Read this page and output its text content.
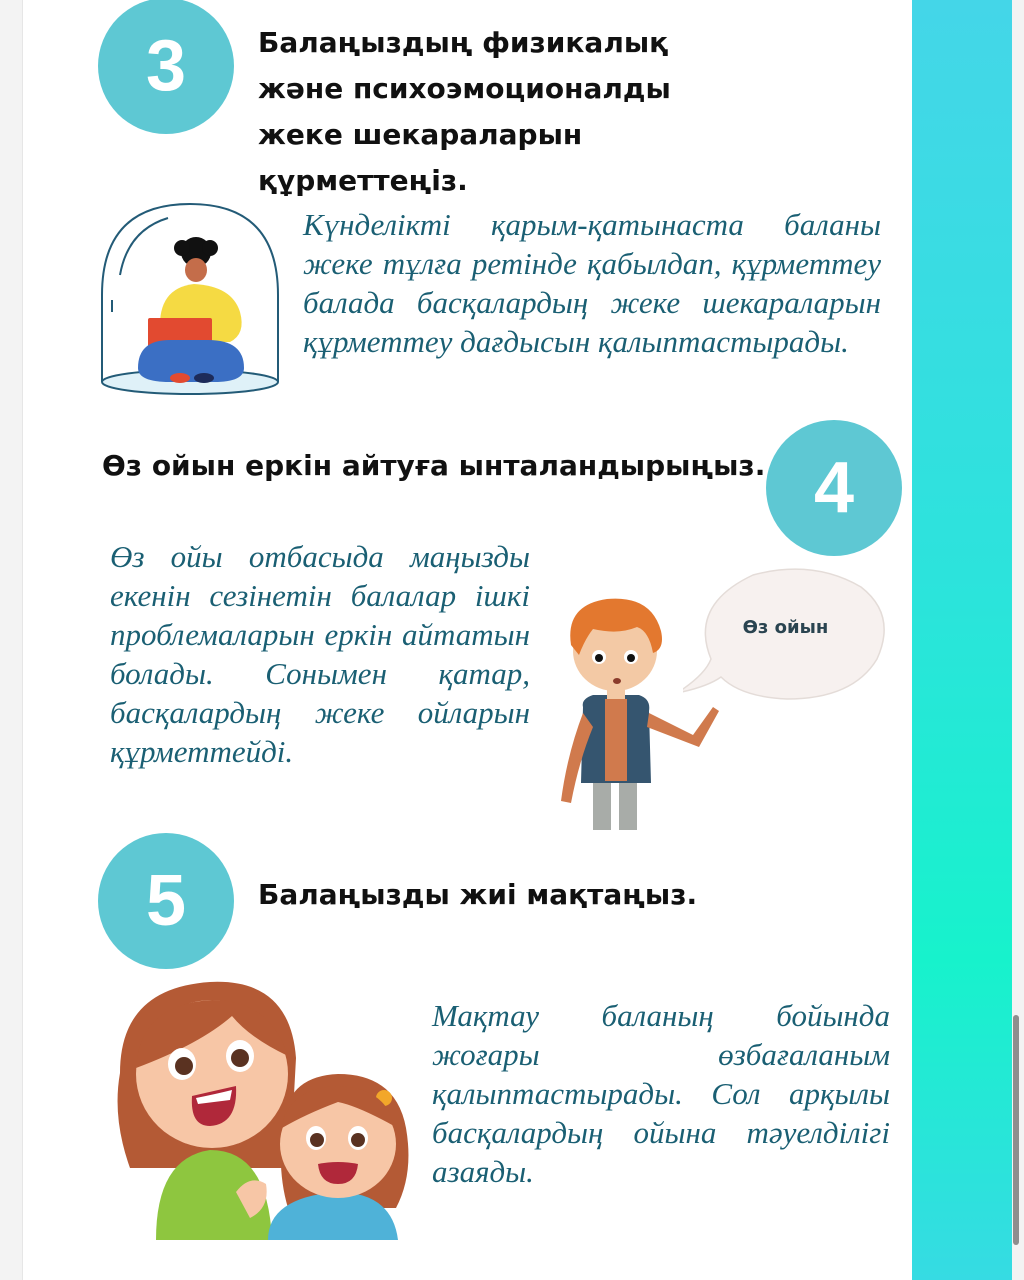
3	Балаңыздың физикалық және психоэмоционалды жеке шекараларын құрметтеңіз.
Күнделікті қарым-қатынаста баланы жеке тұлға ретінде қабылдап, құрметтеу балада басқалардың жеке шекараларын құрметтеу дағдысын қалыптастырады.
Өз ойын еркін айтуға ынталандырыңыз. 4
Өз ойы отбасыда маңызды екенін сезінетін балалар ішкі проблемаларын еркін айтатын болады. Сонымен қатар, басқалардың жеке ойларын құрметтейді.
Өз ойын
5	Балаңызды жиі мақтаңыз.
Мақтау баланың бойында жоғары өзбағаланым қалыптастырады. Сол арқылы басқалардың ойына тәуелділігі азаяды.
